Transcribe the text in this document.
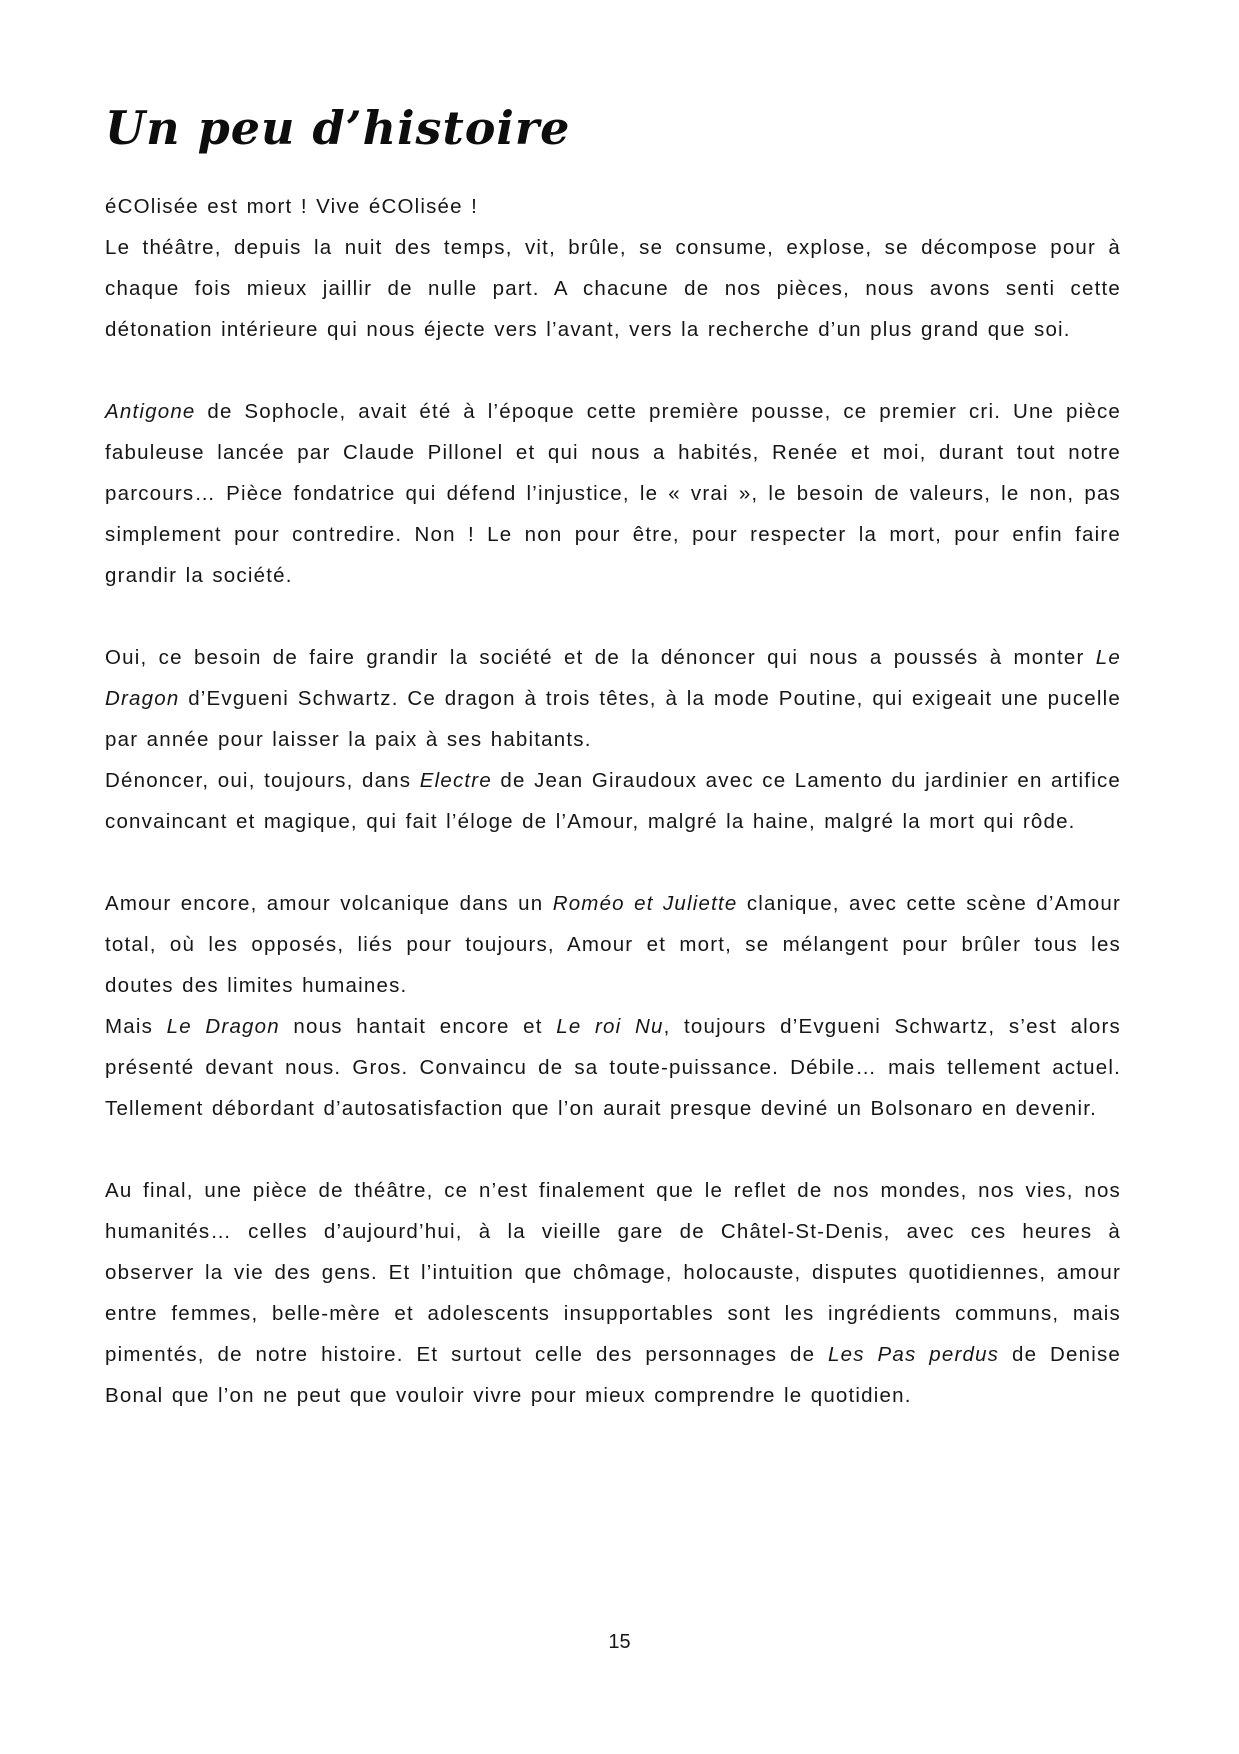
Un peu d’histoire

éCOlisée est mort ! Vive éCOlisée !

Le théâtre, depuis la nuit des temps, vit, brûle, se consume, explose, se décompose pour à chaque fois mieux jaillir de nulle part. A chacune de nos pièces, nous avons senti cette détonation intérieure qui nous éjecte vers l’avant, vers la recherche d’un plus grand que soi.

Antigone de Sophocle, avait été à l’époque cette première pousse, ce premier cri. Une pièce fabuleuse lancée par Claude Pillonel et qui nous a habités, Renée et moi, durant tout notre parcours… Pièce fondatrice qui défend l’injustice, le « vrai », le besoin de valeurs, le non, pas simplement pour contredire. Non ! Le non pour être, pour respecter la mort, pour enfin faire grandir la société.

Oui, ce besoin de faire grandir la société et de la dénoncer qui nous a poussés à monter Le Dragon d’Evgueni Schwartz. Ce dragon à trois têtes, à la mode Poutine, qui exigeait une pucelle par année pour laisser la paix à ses habitants.

Dénoncer, oui, toujours, dans Electre de Jean Giraudoux avec ce Lamento du jardinier en artifice convaincant et magique, qui fait l’éloge de l’Amour, malgré la haine, malgré la mort qui rôde.

Amour encore, amour volcanique dans un Roméo et Juliette clanique, avec cette scène d’Amour total, où les opposés, liés pour toujours, Amour et mort, se mélangent pour brûler tous les doutes des limites humaines.

Mais Le Dragon nous hantait encore et Le roi Nu, toujours d’Evgueni Schwartz, s’est alors présenté devant nous. Gros. Convaincu de sa toute-puissance. Débile… mais tellement actuel. Tellement débordant d’autosatisfaction que l’on aurait presque deviné un Bolsonaro en devenir.

Au final, une pièce de théâtre, ce n’est finalement que le reflet de nos mondes, nos vies, nos humanités… celles d’aujourd’hui, à la vieille gare de Châtel-St-Denis, avec ces heures à observer la vie des gens. Et l’intuition que chômage, holocauste, disputes quotidiennes, amour entre femmes, belle-mère et adolescents insupportables sont les ingrédients communs, mais pimentés, de notre histoire. Et surtout celle des personnages de Les Pas perdus de Denise Bonal que l’on ne peut que vouloir vivre pour mieux comprendre le quotidien.

15
